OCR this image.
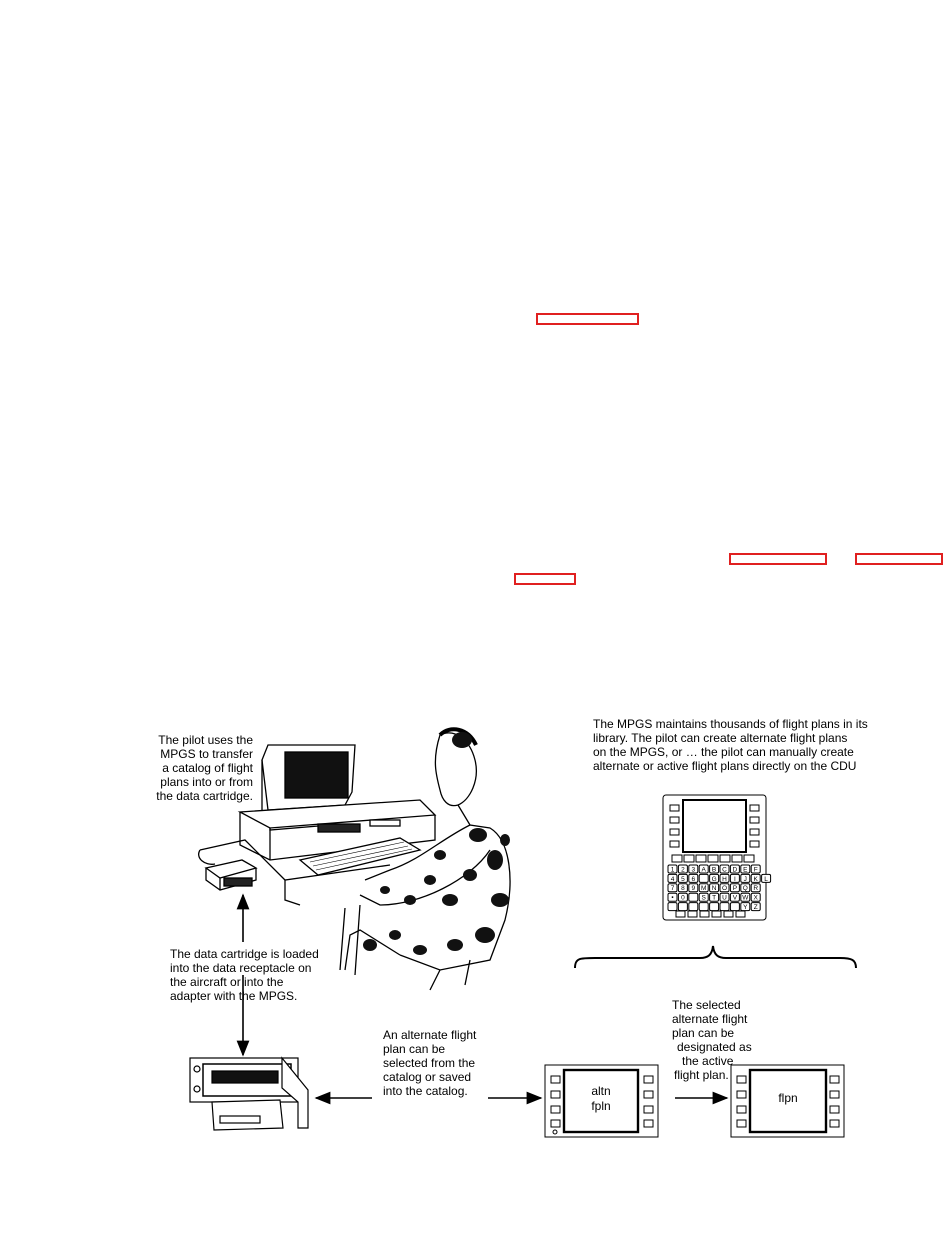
1 2 3 A B C D E F
4 5 6	G H I J K L
7 8 9 M N O P Q R
• 0	S T U V W X
Y Z
The pilot uses the
MPGS to transfer
a catalog of flight
plans into or from
the data cartridge.
The MPGS maintains thousands of flight plans in its
library. The pilot can create alternate flight plans
on the MPGS, or … the pilot can manually create
alternate or active flight plans directly on the CDU
The data cartridge is loaded
into the data receptacle on
the aircraft or into the
adapter with the MPGS.
An alternate flight
plan can be
selected from the
catalog or saved
into the catalog.
The selected
alternate flight
plan can be
designated as
the active
flight plan.
altn
fpln
flpn
